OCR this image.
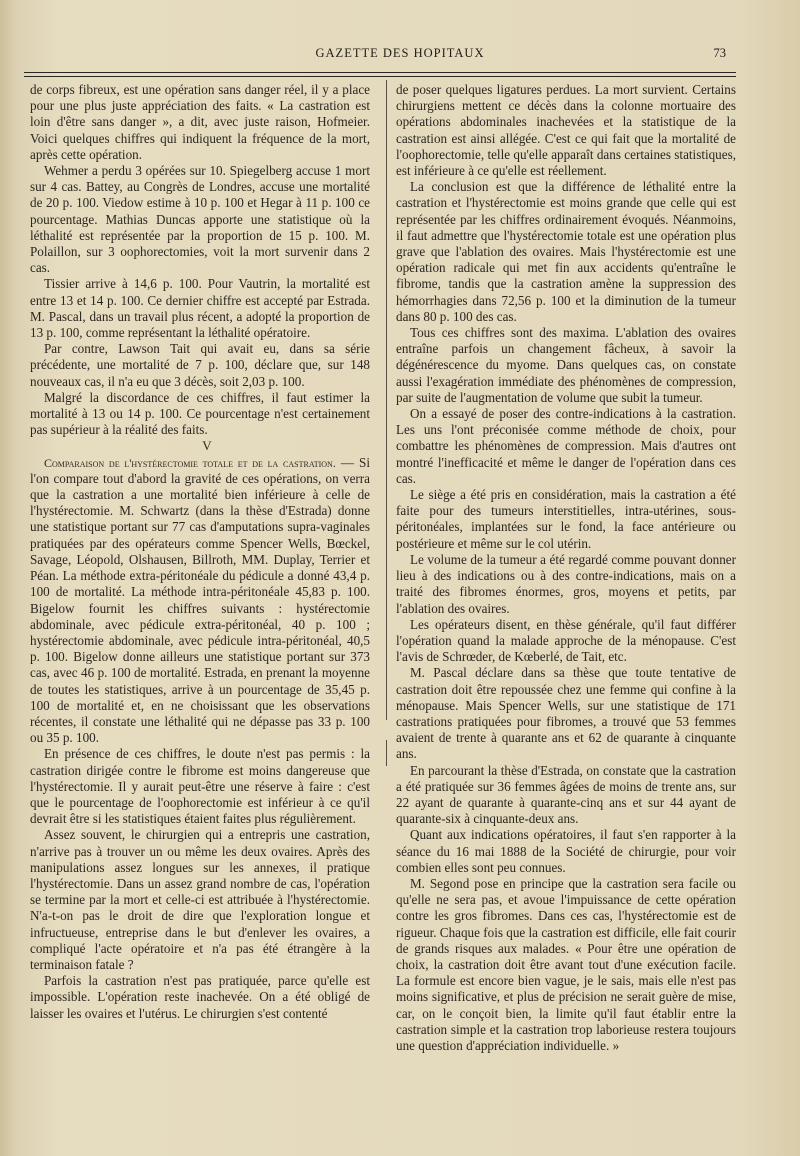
GAZETTE DES HOPITAUX	73

de corps fibreux, est une opération sans danger réel, il y a place pour une plus juste appréciation des faits. « La castration est loin d'être sans danger », a dit, avec juste raison, Hofmeier. Voici quelques chiffres qui indiquent la fréquence de la mort, après cette opération.

Wehmer a perdu 3 opérées sur 10. Spiegelberg accuse 1 mort sur 4 cas. Battey, au Congrès de Londres, accuse une mortalité de 20 p. 100. Viedow estime à 10 p. 100 et Hegar à 11 p. 100 ce pourcentage. Mathias Duncas apporte une statistique où la léthalité est représentée par la proportion de 15 p. 100. M. Polaillon, sur 3 oophorectomies, voit la mort survenir dans 2 cas.

Tissier arrive à 14,6 p. 100. Pour Vautrin, la mortalité est entre 13 et 14 p. 100. Ce dernier chiffre est accepté par Estrada. M. Pascal, dans un travail plus récent, a adopté la proportion de 13 p. 100, comme représentant la léthalité opératoire.

Par contre, Lawson Tait qui avait eu, dans sa série précédente, une mortalité de 7 p. 100, déclare que, sur 148 nouveaux cas, il n'a eu que 3 décès, soit 2,03 p. 100.

Malgré la discordance de ces chiffres, il faut estimer la mortalité à 13 ou 14 p. 100. Ce pourcentage n'est certainement pas supérieur à la réalité des faits.

V

Comparaison de l'hystérectomie totale et de la castration. — Si l'on compare tout d'abord la gravité de ces opérations, on verra que la castration a une mortalité bien inférieure à celle de l'hystérectomie. M. Schwartz (dans la thèse d'Estrada) donne une statistique portant sur 77 cas d'amputations supra-vaginales pratiquées par des opérateurs comme Spencer Wells, Bœckel, Savage, Léopold, Olshausen, Billroth, MM. Duplay, Terrier et Péan. La méthode extra-péritonéale du pédicule a donné 43,4 p. 100 de mortalité. La méthode intra-péritonéale 45,83 p. 100. Bigelow fournit les chiffres suivants : hystérectomie abdominale, avec pédicule extra-péritonéal, 40 p. 100 ; hystérectomie abdominale, avec pédicule intra-péritonéal, 40,5 p. 100. Bigelow donne ailleurs une statistique portant sur 373 cas, avec 46 p. 100 de mortalité. Estrada, en prenant la moyenne de toutes les statistiques, arrive à un pourcentage de 35,45 p. 100 de mortalité et, en ne choisissant que les observations récentes, il constate une léthalité qui ne dépasse pas 33 p. 100 ou 35 p. 100.

En présence de ces chiffres, le doute n'est pas permis : la castration dirigée contre le fibrome est moins dangereuse que l'hystérectomie. Il y aurait peut-être une réserve à faire : c'est que le pourcentage de l'oophorectomie est inférieur à ce qu'il devrait être si les statistiques étaient faites plus régulièrement.

Assez souvent, le chirurgien qui a entrepris une castration, n'arrive pas à trouver un ou même les deux ovaires. Après des manipulations assez longues sur les annexes, il pratique l'hystérectomie. Dans un assez grand nombre de cas, l'opération se termine par la mort et celle-ci est attribuée à l'hystérectomie. N'a-t-on pas le droit de dire que l'exploration longue et infructueuse, entreprise dans le but d'enlever les ovaires, a compliqué l'acte opératoire et n'a pas été étrangère à la terminaison fatale ?

Parfois la castration n'est pas pratiquée, parce qu'elle est impossible. L'opération reste inachevée. On a été obligé de laisser les ovaires et l'utérus. Le chirurgien s'est contenté

de poser quelques ligatures perdues. La mort survient. Certains chirurgiens mettent ce décès dans la colonne mortuaire des opérations abdominales inachevées et la statistique de la castration est ainsi allégée. C'est ce qui fait que la mortalité de l'oophorectomie, telle qu'elle apparaît dans certaines statistiques, est inférieure à ce qu'elle est réellement.

La conclusion est que la différence de léthalité entre la castration et l'hystérectomie est moins grande que celle qui est représentée par les chiffres ordinairement évoqués. Néanmoins, il faut admettre que l'hystérectomie totale est une opération plus grave que l'ablation des ovaires. Mais l'hystérectomie est une opération radicale qui met fin aux accidents qu'entraîne le fibrome, tandis que la castration amène la suppression des hémorrhagies dans 72,56 p. 100 et la diminution de la tumeur dans 80 p. 100 des cas.

Tous ces chiffres sont des maxima. L'ablation des ovaires entraîne parfois un changement fâcheux, à savoir la dégénérescence du myome. Dans quelques cas, on constate aussi l'exagération immédiate des phénomènes de compression, par suite de l'augmentation de volume que subit la tumeur.

On a essayé de poser des contre-indications à la castration. Les uns l'ont préconisée comme méthode de choix, pour combattre les phénomènes de compression. Mais d'autres ont montré l'inefficacité et même le danger de l'opération dans ces cas.

Le siège a été pris en considération, mais la castration a été faite pour des tumeurs interstitielles, intra-utérines, sous-péritonéales, implantées sur le fond, la face antérieure ou postérieure et même sur le col utérin.

Le volume de la tumeur a été regardé comme pouvant donner lieu à des indications ou à des contre-indications, mais on a traité des fibromes énormes, gros, moyens et petits, par l'ablation des ovaires.

Les opérateurs disent, en thèse générale, qu'il faut différer l'opération quand la malade approche de la ménopause. C'est l'avis de Schrœder, de Kœberlé, de Tait, etc.

M. Pascal déclare dans sa thèse que toute tentative de castration doit être repoussée chez une femme qui confine à la ménopause. Mais Spencer Wells, sur une statistique de 171 castrations pratiquées pour fibromes, a trouvé que 53 femmes avaient de trente à quarante ans et 62 de quarante à cinquante ans.

En parcourant la thèse d'Estrada, on constate que la castration a été pratiquée sur 36 femmes âgées de moins de trente ans, sur 22 ayant de quarante à quarante-cinq ans et sur 44 ayant de quarante-six à cinquante-deux ans.

Quant aux indications opératoires, il faut s'en rapporter à la séance du 16 mai 1888 de la Société de chirurgie, pour voir combien elles sont peu connues.

M. Segond pose en principe que la castration sera facile ou qu'elle ne sera pas, et avoue l'impuissance de cette opération contre les gros fibromes. Dans ces cas, l'hystérectomie est de rigueur. Chaque fois que la castration est difficile, elle fait courir de grands risques aux malades. « Pour être une opération de choix, la castration doit être avant tout d'une exécution facile. La formule est encore bien vague, je le sais, mais elle n'est pas moins significative, et plus de précision ne serait guère de mise, car, on le conçoit bien, la limite qu'il faut établir entre la castration simple et la castration trop laborieuse restera toujours une question d'appréciation individuelle. »
